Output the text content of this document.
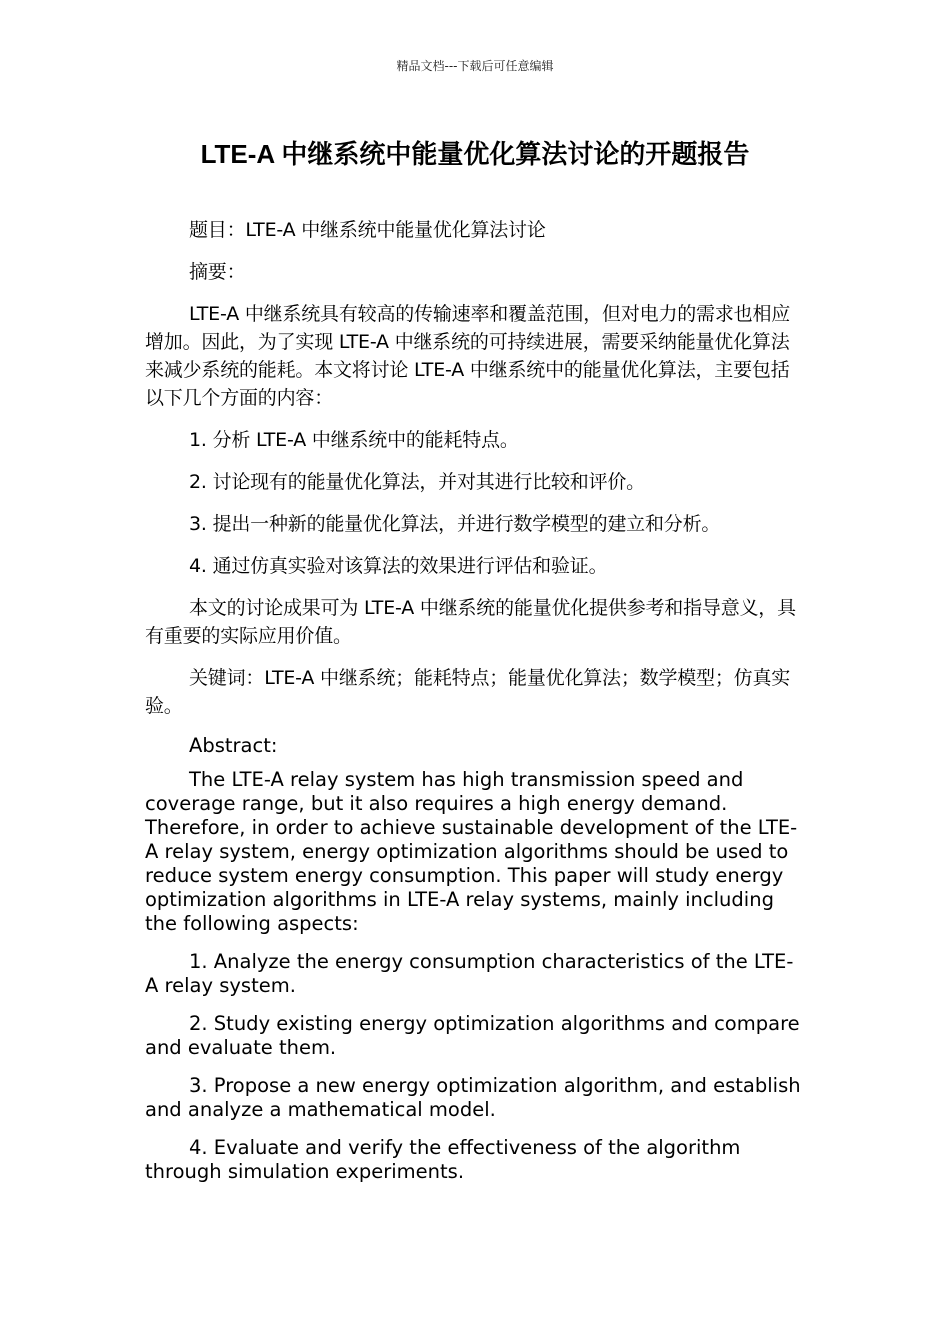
精品文档---下载后可任意编辑
LTE-A 中继系统中能量优化算法讨论的开题报告

题目：LTE-A 中继系统中能量优化算法讨论

摘要：

LTE-A 中继系统具有较高的传输速率和覆盖范围，但对电力的需求也相应增加。因此，为了实现 LTE-A 中继系统的可持续进展，需要采纳能量优化算法来减少系统的能耗。本文将讨论 LTE-A 中继系统中的能量优化算法，主要包括以下几个方面的内容：

1. 分析 LTE-A 中继系统中的能耗特点。

2. 讨论现有的能量优化算法，并对其进行比较和评价。

3. 提出一种新的能量优化算法，并进行数学模型的建立和分析。

4. 通过仿真实验对该算法的效果进行评估和验证。

本文的讨论成果可为 LTE-A 中继系统的能量优化提供参考和指导意义，具有重要的实际应用价值。

关键词：LTE-A 中继系统；能耗特点；能量优化算法；数学模型；仿真实验。

Abstract:

The LTE-A relay system has high transmission speed and coverage range, but it also requires a high energy demand. Therefore, in order to achieve sustainable development of the LTE-A relay system, energy optimization algorithms should be used to reduce system energy consumption. This paper will study energy optimization algorithms in LTE-A relay systems, mainly including the following aspects:

1. Analyze the energy consumption characteristics of the LTE-A relay system.

2. Study existing energy optimization algorithms and compare and evaluate them.

3. Propose a new energy optimization algorithm, and establish and analyze a mathematical model.

4. Evaluate and verify the effectiveness of the algorithm through simulation experiments.
